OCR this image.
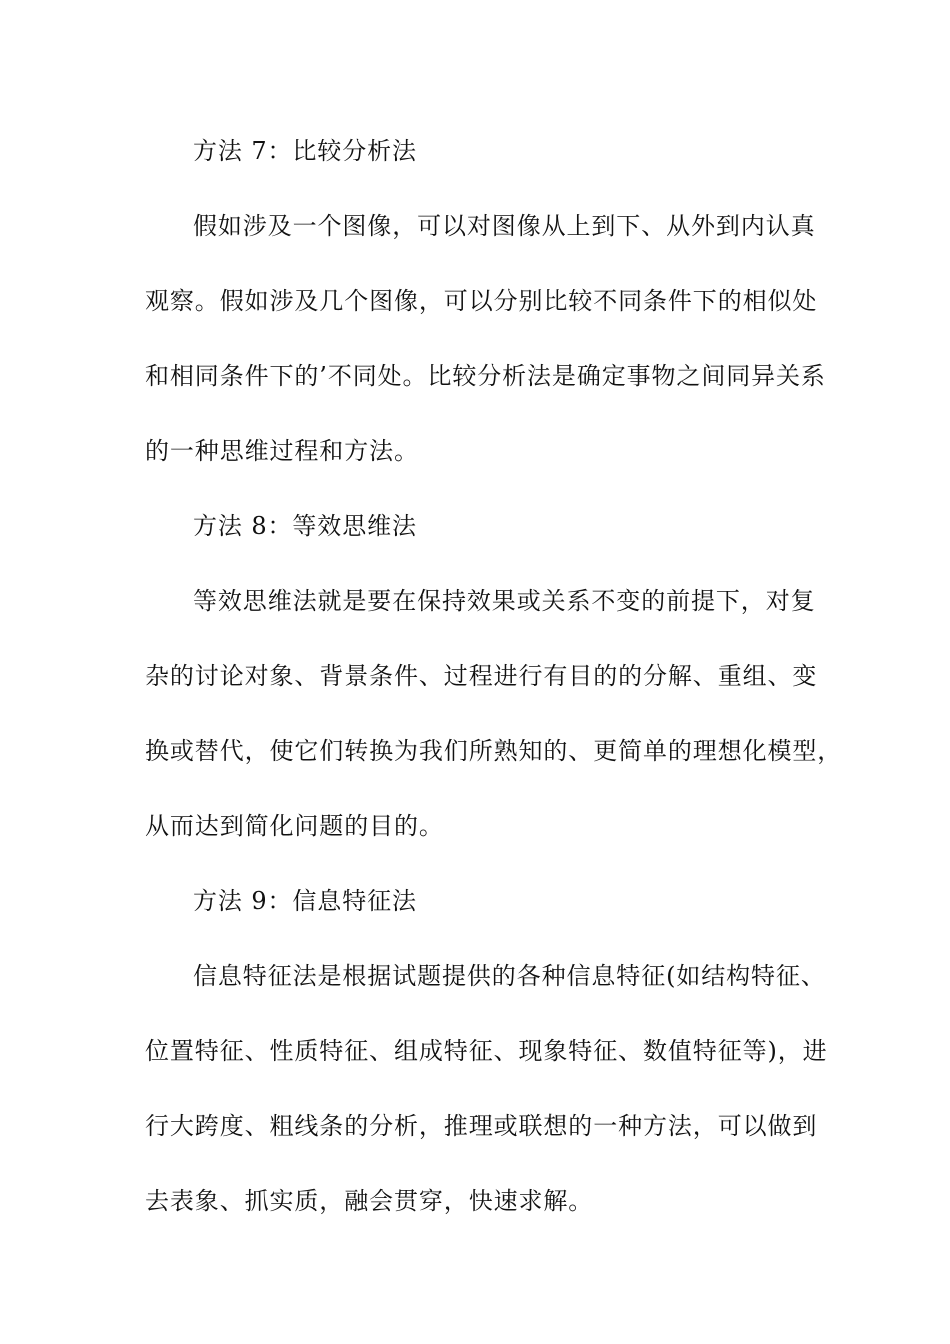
方法 7：比较分析法
假如涉及一个图像，可以对图像从上到下、从外到内认真
观察。假如涉及几个图像，可以分别比较不同条件下的相似处
和相同条件下的’不同处。比较分析法是确定事物之间同异关系
的一种思维过程和方法。
方法 8：等效思维法
等效思维法就是要在保持效果或关系不变的前提下，对复
杂的讨论对象、背景条件、过程进行有目的的分解、重组、变
换或替代，使它们转换为我们所熟知的、更简单的理想化模型，
从而达到简化问题的目的。
方法 9：信息特征法
信息特征法是根据试题提供的各种信息特征(如结构特征、
位置特征、性质特征、组成特征、现象特征、数值特征等)，进
行大跨度、粗线条的分析，推理或联想的一种方法，可以做到
去表象、抓实质，融会贯穿，快速求解。
